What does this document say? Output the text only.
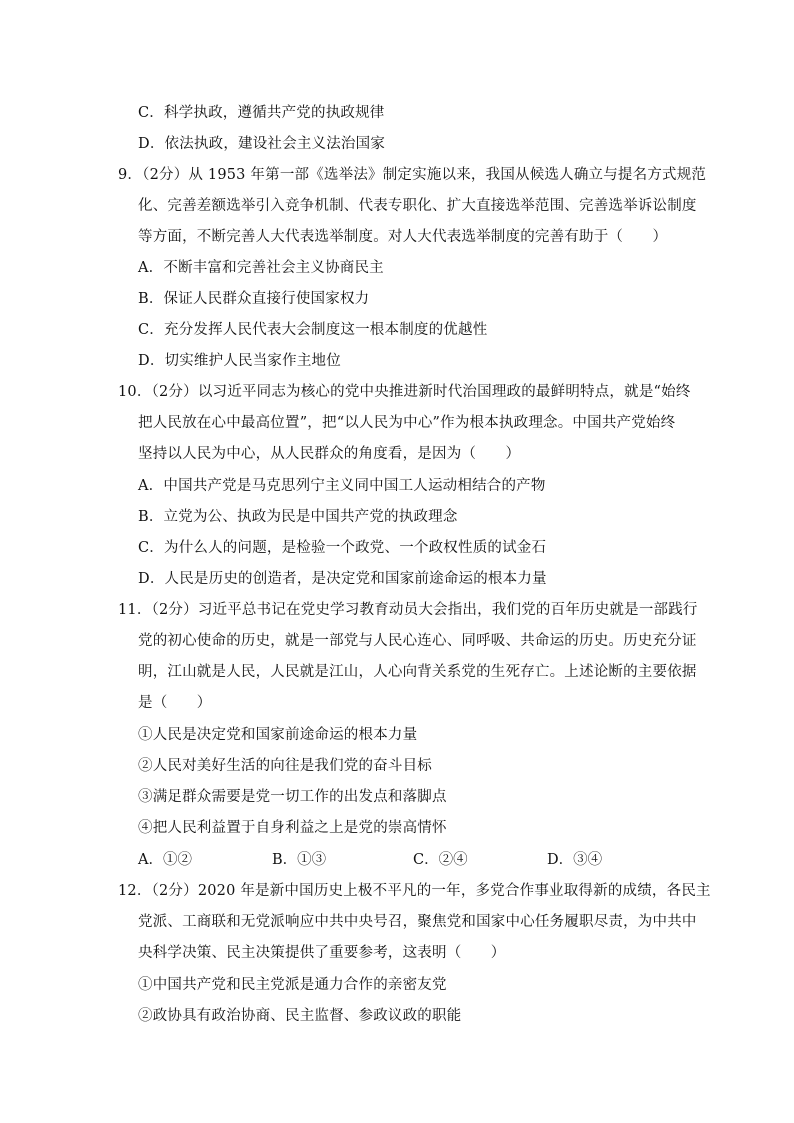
C．科学执政，遵循共产党的执政规律
D．依法执政，建设社会主义法治国家
9．（2分）从 1953 年第一部《选举法》制定实施以来，我国从候选人确立与提名方式规范
化、完善差额选举引入竞争机制、代表专职化、扩大直接选举范围、完善选举诉讼制度
等方面，不断完善人大代表选举制度。对人大代表选举制度的完善有助于（　　）
A．不断丰富和完善社会主义协商民主
B．保证人民群众直接行使国家权力
C．充分发挥人民代表大会制度这一根本制度的优越性
D．切实维护人民当家作主地位
10．（2分）以习近平同志为核心的党中央推进新时代治国理政的最鲜明特点，就是“始终
把人民放在心中最高位置”，把“以人民为中心”作为根本执政理念。中国共产党始终
坚持以人民为中心，从人民群众的角度看，是因为（　　）
A．中国共产党是马克思列宁主义同中国工人运动相结合的产物
B．立党为公、执政为民是中国共产党的执政理念
C．为什么人的问题，是检验一个政党、一个政权性质的试金石
D．人民是历史的创造者，是决定党和国家前途命运的根本力量
11．（2分）习近平总书记在党史学习教育动员大会指出，我们党的百年历史就是一部践行
党的初心使命的历史，就是一部党与人民心连心、同呼吸、共命运的历史。历史充分证
明，江山就是人民，人民就是江山，人心向背关系党的生死存亡。上述论断的主要依据
是（　　）
①人民是决定党和国家前途命运的根本力量
②人民对美好生活的向往是我们党的奋斗目标
③满足群众需要是党一切工作的出发点和落脚点
④把人民利益置于自身利益之上是党的崇高情怀
A．①②	B．①③	C．②④	D．③④
12．（2分）2020 年是新中国历史上极不平凡的一年，多党合作事业取得新的成绩，各民主
党派、工商联和无党派响应中共中央号召，聚焦党和国家中心任务履职尽责，为中共中
央科学决策、民主决策提供了重要参考，这表明（　　）
①中国共产党和民主党派是通力合作的亲密友党
②政协具有政治协商、民主监督、参政议政的职能
